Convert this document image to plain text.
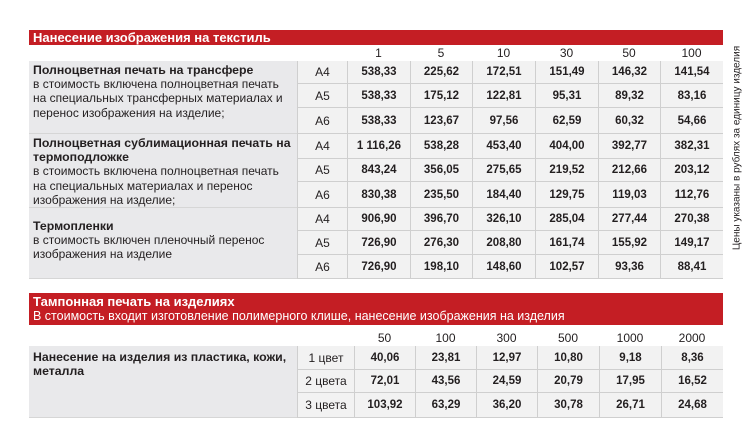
Нанесение изображения на текстиль
Цены указаны в рублях за единицу изделия
		1	5	10	30	50	100
Полноцветная печать на трансфере
в стоимость включена полноцветная печать на специальных трансферных материалах и перенос изображения на изделие;	А4	538,33	225,62	172,51	151,49	146,32	141,54
	А5	538,33	175,12	122,81	95,31	89,32	83,16
	А6	538,33	123,67	97,56	62,59	60,32	54,66
Полноцветная сублимационная печать на термоподложке
в стоимость включена полноцветная печать на специальных материалах и перенос изображения на изделие;	А4	1 116,26	538,28	453,40	404,00	392,77	382,31
	А5	843,24	356,05	275,65	219,52	212,66	203,12
	А6	830,38	235,50	184,40	129,75	119,03	112,76
Термопленки
в стоимость включен пленочный перенос изображения на изделие	А4	906,90	396,70	326,10	285,04	277,44	270,38
	А5	726,90	276,30	208,80	161,74	155,92	149,17
	А6	726,90	198,10	148,60	102,57	93,36	88,41
Тампонная печать на изделиях
В стоимость входит изготовление полимерного клише, нанесение изображения на изделия
		50	100	300	500	1000	2000
Нанесение на изделия из пластика, кожи, металла	1 цвет	40,06	23,81	12,97	10,80	9,18	8,36
	2 цвета	72,01	43,56	24,59	20,79	17,95	16,52
	3 цвета	103,92	63,29	36,20	30,78	26,71	24,68
